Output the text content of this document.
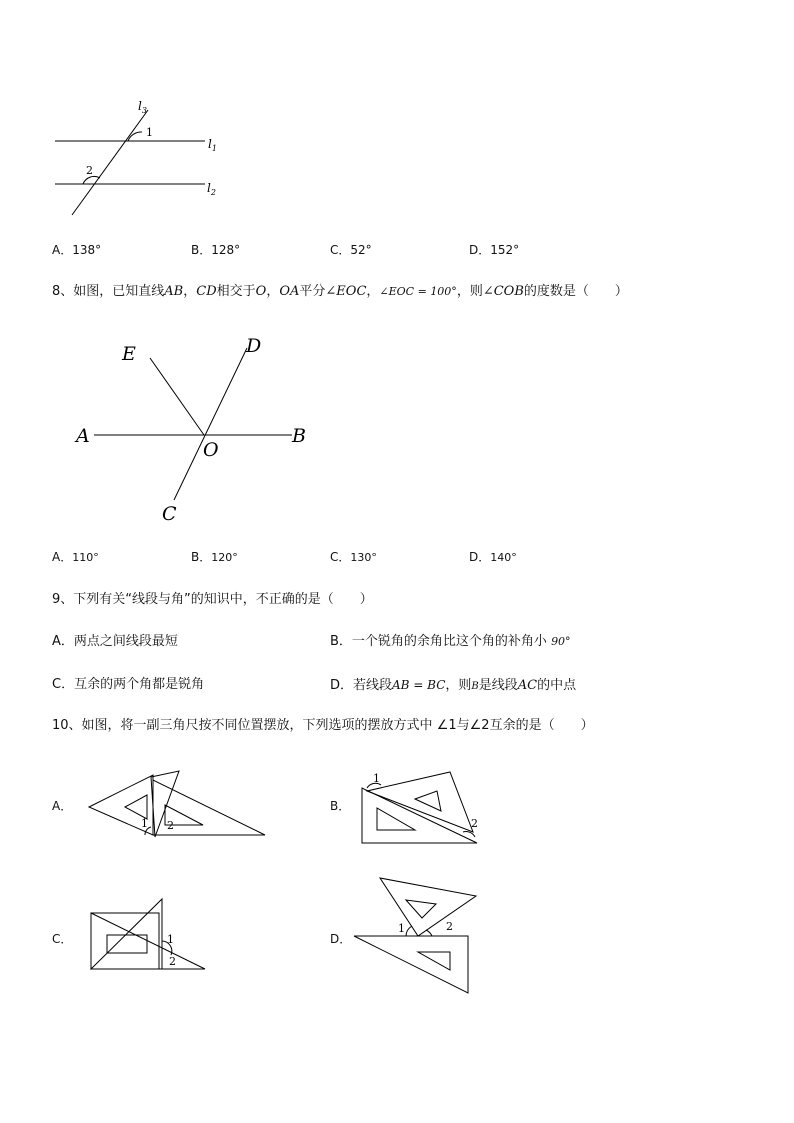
$l_3$
1
$l_1$
2
$l_2$
A．138°	B．128°	C．52°	D．152°
8、如图，已知直线AB，CD相交于O，OA平分∠EOC，∠EOC = 100°，则∠COB的度数是（　　）
E	D
A	B
O
C
A．110°	B．120°	C．130°	D．140°
9、下列有关“线段与角”的知识中，不正确的是（　　）
A．两点之间线段最短	B．一个锐角的余角比这个角的补角小 90°
C．互余的两个角都是锐角	D．若线段AB = BC，则B是线段AC的中点
10、如图，将一副三角尺按不同位置摆放，下列选项的摆放方式中 ∠1与∠2互余的是（　　）
A．
1 2
B．
1
2
C．	1
2
D．
1	2
